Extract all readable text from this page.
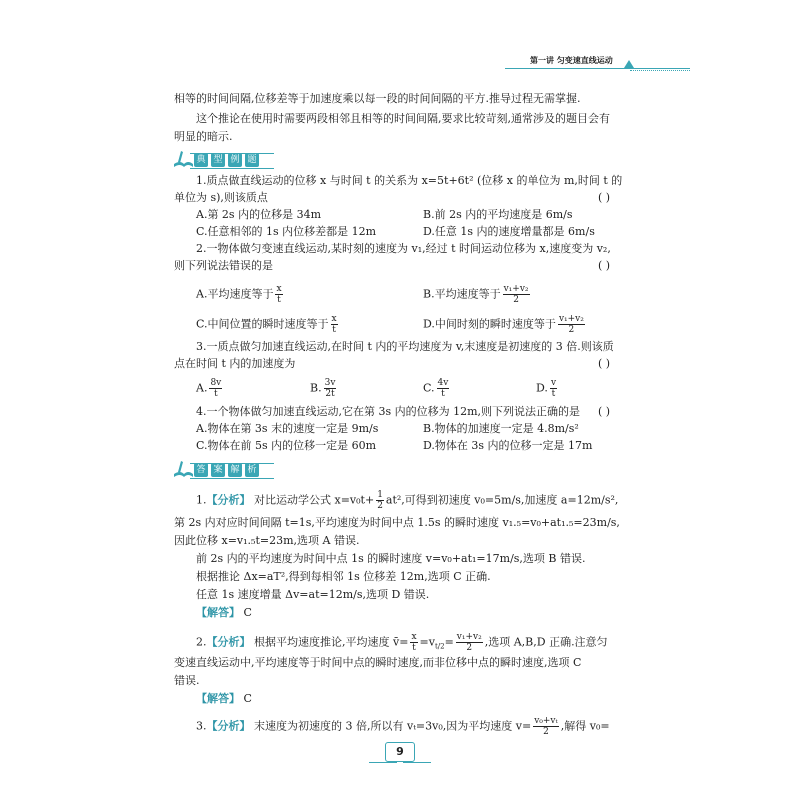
第一讲 匀变速直线运动
相等的时间间隔,位移差等于加速度乘以每一段的时间间隔的平方.推导过程无需掌握.
这个推论在使用时需要两段相邻且相等的时间间隔,要求比较苛刻,通常涉及的题目会有
明显的暗示.
典 型 例 题
1.质点做直线运动的位移 x 与时间 t 的关系为 x=5t+6t² (位移 x 的单位为 m,时间 t 的
单位为 s),则该质点	( )
A.第 2s 内的位移是 34m	B.前 2s 内的平均速度是 6m/s
C.任意相邻的 1s 内位移差都是 12m	D.任意 1s 内的速度增量都是 6m/s
2.一物体做匀变速直线运动,某时刻的速度为 v₁,经过 t 时间运动位移为 x,速度变为 v₂,
则下列说法错误的是	( )
A.平均速度等于 $\frac{x}{t}$	B.平均速度等于 $\frac{\text{v₁+v₂}}{2}$
C.中间位置的瞬时速度等于 $\frac{x}{t}$	D.中间时刻的瞬时速度等于 $\frac{\text{v₁+v₂}}{2}$
3.一质点做匀加速直线运动,在时间 t 内的平均速度为 v,末速度是初速度的 3 倍.则该质
点在时间 t 内的加速度为	( )
A. $\frac{8v}{t}$	B. $\frac{3v}{2t}$	C. $\frac{4v}{t}$	D. $\frac{v}{t}$
4.一个物体做匀加速直线运动,它在第 3s 内的位移为 12m,则下列说法正确的是 ( )
A.物体在第 3s 末的速度一定是 9m/s	B.物体的加速度一定是 4.8m/s²
C.物体在前 5s 内的位移一定是 60m	D.物体在 3s 内的位移一定是 17m
答 案 解 析
1.【分析】 对比运动学公式 $x=v_0t+ \frac{1}{2} at^2$,可得到初速度 v₀=5m/s,加速度 a=12m/s²,
第 2s 内对应时间间隔 t=1s,平均速度为时间中点 1.5s 的瞬时速度 v₁.₅=v₀+at₁.₅=23m/s,
因此位移 x=v₁.₅t=23m,选项 A 错误.
前 2s 内的平均速度为时间中点 1s 的瞬时速度 v=v₀+at₁=17m/s,选项 B 错误.
根据推论 Δx=aT²,得到每相邻 1s 位移差 12m,选项 C 正确.
任意 1s 速度增量 Δv=at=12m/s,选项 D 错误.
【解答】 C
2.【分析】 根据平均速度推论,平均速度 v̄= $\frac{x}{t} =v_{t/2}= \frac{\text{v₁+v₂}}{2}$ ,选项 A,B,D 正确.注意匀
变速直线运动中,平均速度等于时间中点的瞬时速度,而非位移中点的瞬时速度,选项 C
错误.
【解答】 C
3.【分析】 末速度为初速度的 3 倍,所以有 vₜ=3v₀,因为平均速度 $v= \frac{\text{v₀+vₜ}}{2}$ ,解得 v₀=
9
